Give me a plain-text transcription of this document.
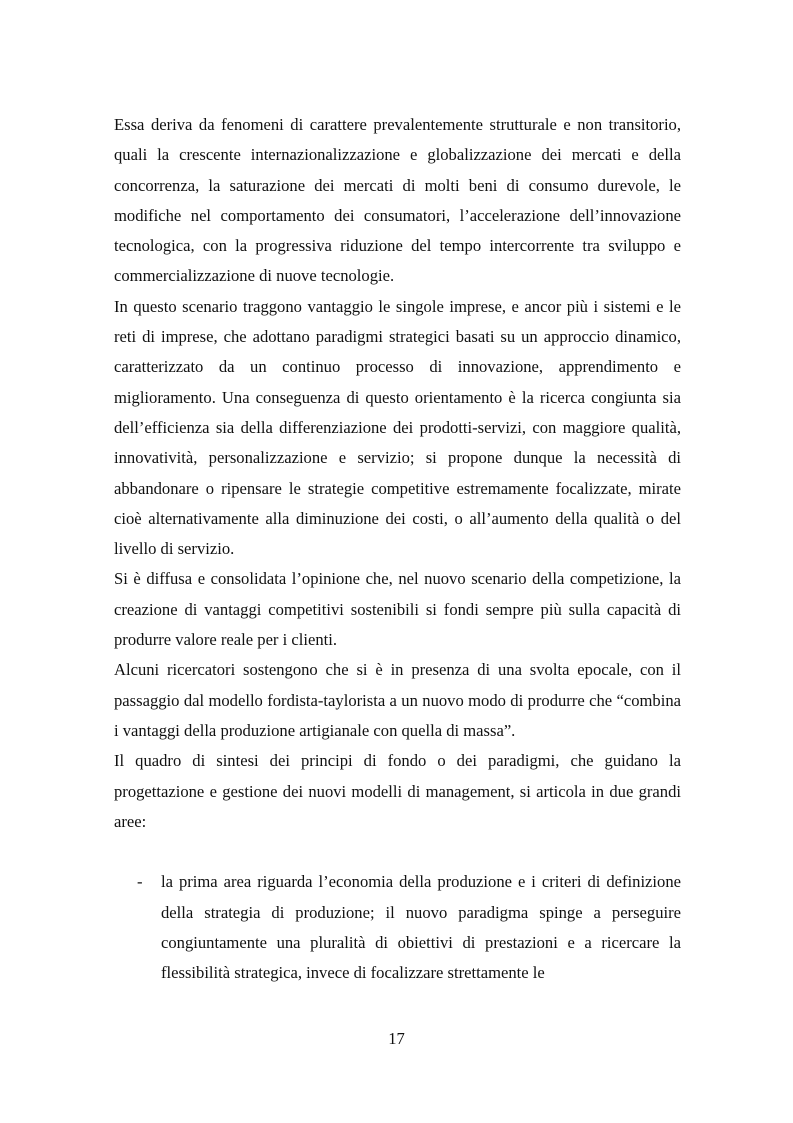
Essa deriva da fenomeni di carattere prevalentemente strutturale e non transitorio, quali la crescente internazionalizzazione e globalizzazione dei mercati e della concorrenza, la saturazione dei mercati di molti beni di consumo durevole, le modifiche nel comportamento dei consumatori, l’accelerazione dell’innovazione tecnologica, con la progressiva riduzione del tempo intercorrente tra sviluppo e commercializzazione di nuove tecnologie.

In questo scenario traggono vantaggio le singole imprese, e ancor più i sistemi e le reti di imprese, che adottano paradigmi strategici basati su un approccio dinamico, caratterizzato da un continuo processo di innovazione, apprendimento e miglioramento. Una conseguenza di questo orientamento è la ricerca congiunta sia dell’efficienza sia della differenziazione dei prodotti-servizi, con maggiore qualità, innovatività, personalizzazione e servizio; si propone dunque la necessità di abbandonare o ripensare le strategie competitive estremamente focalizzate, mirate cioè alternativamente alla diminuzione dei costi, o all’aumento della qualità o del livello di servizio.

Si è diffusa e consolidata l’opinione che, nel nuovo scenario della competizione, la creazione di vantaggi competitivi sostenibili si fondi sempre più sulla capacità di produrre valore reale per i clienti.

Alcuni ricercatori sostengono che si è in presenza di una svolta epocale, con il passaggio dal modello fordista-taylorista a un nuovo modo di produrre che “combina i vantaggi della produzione artigianale con quella di massa”.

Il quadro di sintesi dei principi di fondo o dei paradigmi, che guidano la progettazione e gestione dei nuovi modelli di management, si articola in due grandi aree:

- la prima area riguarda l’economia della produzione e i criteri di definizione della strategia di produzione; il nuovo paradigma spinge a perseguire congiuntamente una pluralità di obiettivi di prestazioni e a ricercare la flessibilità strategica, invece di focalizzare strettamente le
17
